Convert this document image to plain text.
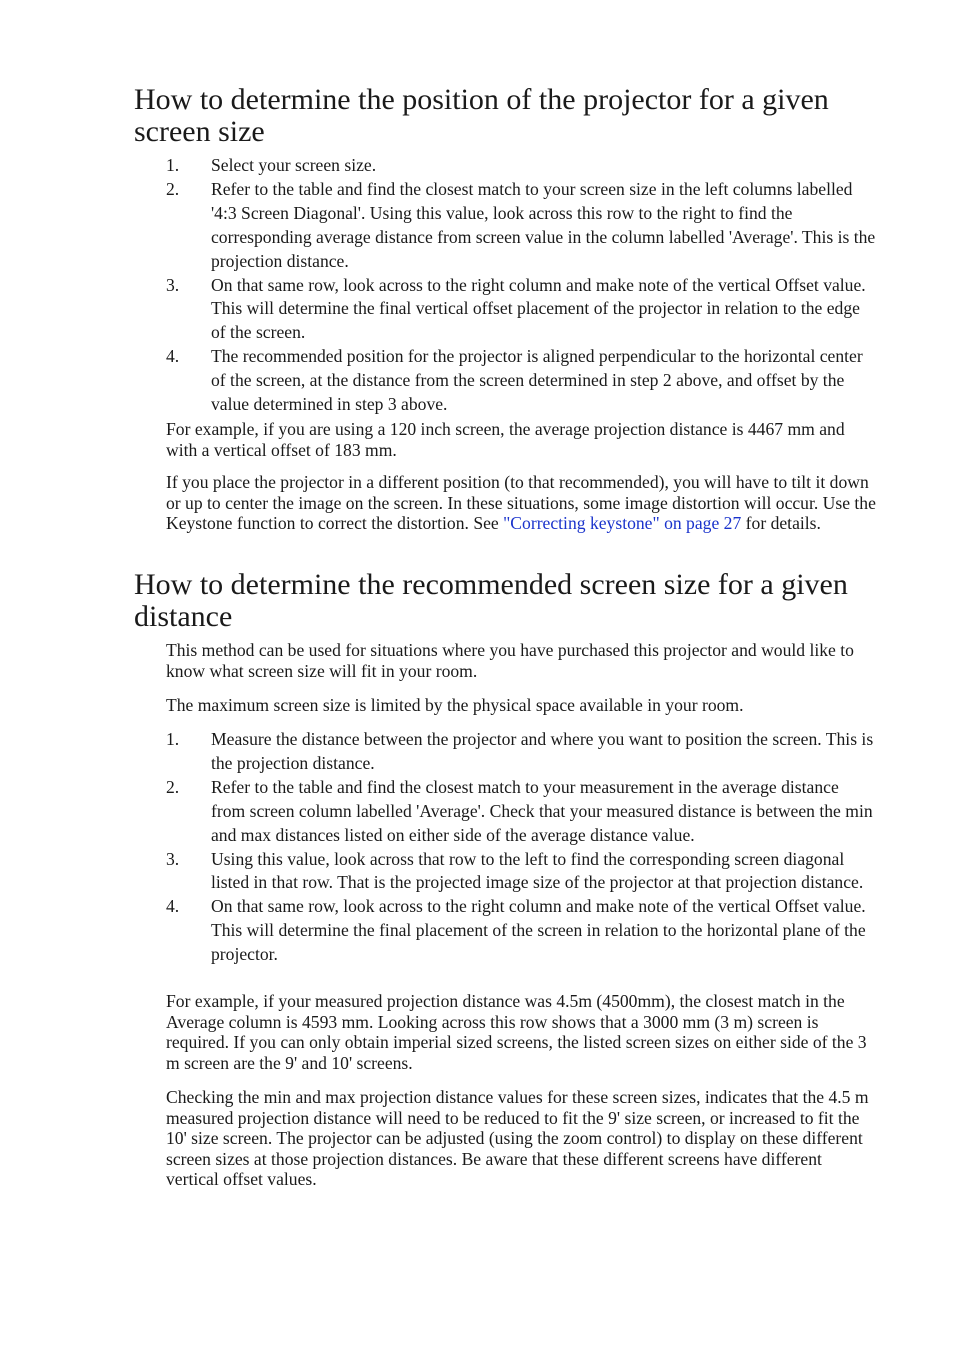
How to determine the position of the projector for a given screen size
1. Select your screen size.
2. Refer to the table and find the closest match to your screen size in the left columns labelled '4:3 Screen Diagonal'. Using this value, look across this row to the right to find the corresponding average distance from screen value in the column labelled 'Average'. This is the projection distance.
3. On that same row, look across to the right column and make note of the vertical Offset value. This will determine the final vertical offset placement of the projector in relation to the edge of the screen.
4. The recommended position for the projector is aligned perpendicular to the horizontal center of the screen, at the distance from the screen determined in step 2 above, and offset by the value determined in step 3 above.

For example, if you are using a 120 inch screen, the average projection distance is 4467 mm and with a vertical offset of 183 mm.

If you place the projector in a different position (to that recommended), you will have to tilt it down or up to center the image on the screen. In these situations, some image distortion will occur. Use the Keystone function to correct the distortion. See "Correcting keystone" on page 27 for details.

How to determine the recommended screen size for a given distance

This method can be used for situations where you have purchased this projector and would like to know what screen size will fit in your room.

The maximum screen size is limited by the physical space available in your room.

1. Measure the distance between the projector and where you want to position the screen. This is the projection distance.
2. Refer to the table and find the closest match to your measurement in the average distance from screen column labelled 'Average'. Check that your measured distance is between the min and max distances listed on either side of the average distance value.
3. Using this value, look across that row to the left to find the corresponding screen diagonal listed in that row. That is the projected image size of the projector at that projection distance.
4. On that same row, look across to the right column and make note of the vertical Offset value. This will determine the final placement of the screen in relation to the horizontal plane of the projector.

For example, if your measured projection distance was 4.5m (4500mm), the closest match in the Average column is 4593 mm. Looking across this row shows that a 3000 mm (3 m) screen is required. If you can only obtain imperial sized screens, the listed screen sizes on either side of the 3 m screen are the 9' and 10' screens.

Checking the min and max projection distance values for these screen sizes, indicates that the 4.5 m measured projection distance will need to be reduced to fit the 9' size screen, or increased to fit the 10' size screen. The projector can be adjusted (using the zoom control) to display on these different screen sizes at those projection distances. Be aware that these different screens have different vertical offset values.
